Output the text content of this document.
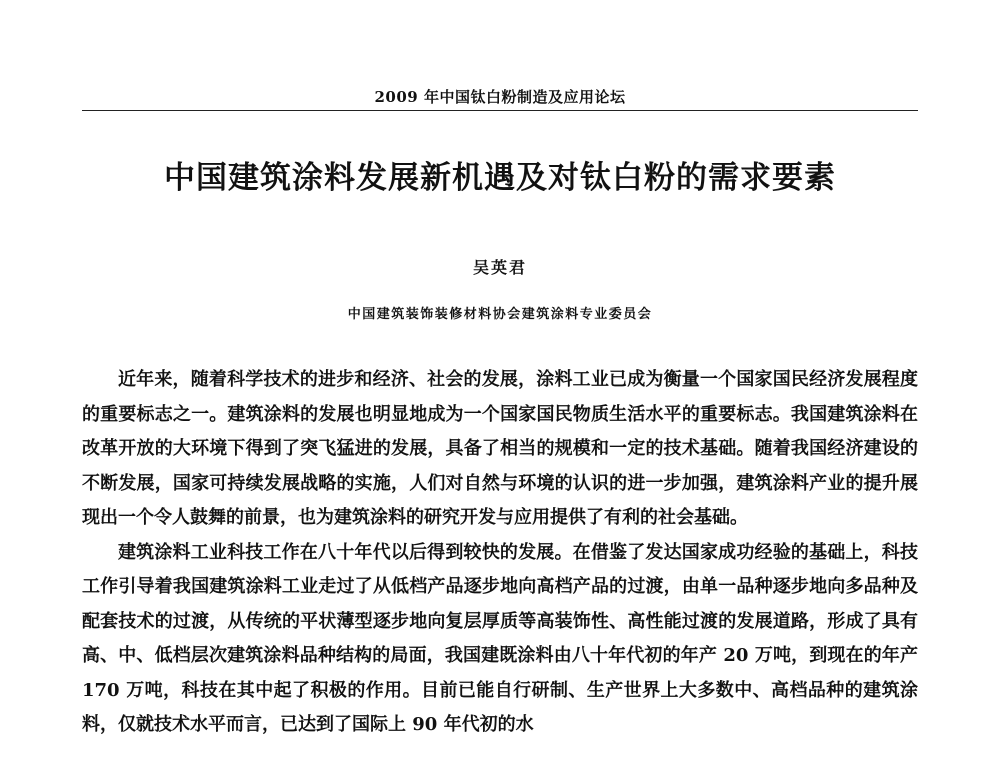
2009 年中国钛白粉制造及应用论坛
中国建筑涂料发展新机遇及对钛白粉的需求要素
吴英君
中国建筑装饰装修材料协会建筑涂料专业委员会

近年来，随着科学技术的进步和经济、社会的发展，涂料工业已成为衡量一个国家国民经济发展程度的重要标志之一。建筑涂料的发展也明显地成为一个国家国民物质生活水平的重要标志。我国建筑涂料在改革开放的大环境下得到了突飞猛进的发展，具备了相当的规模和一定的技术基础。随着我国经济建设的不断发展，国家可持续发展战略的实施，人们对自然与环境的认识的进一步加强，建筑涂料产业的提升展现出一个令人鼓舞的前景，也为建筑涂料的研究开发与应用提供了有利的社会基础。

建筑涂料工业科技工作在八十年代以后得到较快的发展。在借鉴了发达国家成功经验的基础上，科技工作引导着我国建筑涂料工业走过了从低档产品逐步地向高档产品的过渡，由单一品种逐步地向多品种及配套技术的过渡，从传统的平状薄型逐步地向复层厚质等高装饰性、高性能过渡的发展道路，形成了具有高、中、低档层次建筑涂料品种结构的局面，我国建既涂料由八十年代初的年产 20 万吨，到现在的年产 170 万吨，科技在其中起了积极的作用。目前已能自行研制、生产世界上大多数中、高档品种的建筑涂料，仅就技术水平而言，已达到了国际上 90 年代初的水
